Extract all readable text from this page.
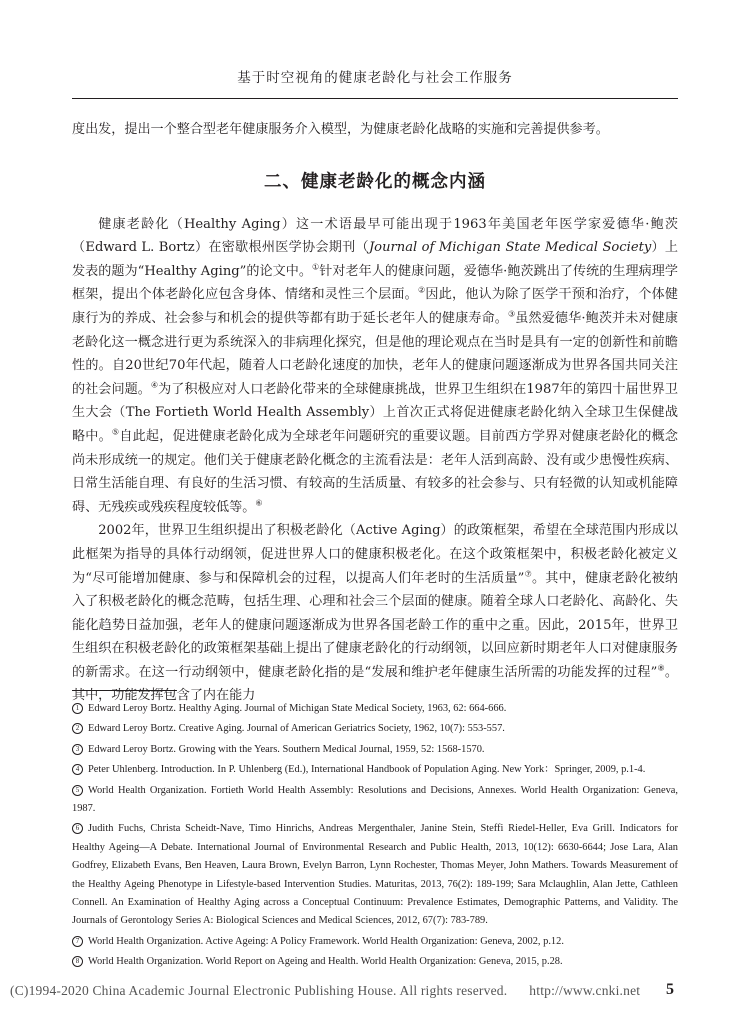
基于时空视角的健康老龄化与社会工作服务

度出发，提出一个整合型老年健康服务介入模型，为健康老龄化战略的实施和完善提供参考。

二、健康老龄化的概念内涵

健康老龄化（Healthy Aging）这一术语最早可能出现于1963年美国老年医学家爱德华·鲍茨（Edward L. Bortz）在密歇根州医学协会期刊（Journal of Michigan State Medical Society）上发表的题为“Healthy Aging”的论文中。①针对老年人的健康问题，爱德华·鲍茨跳出了传统的生理病理学框架，提出个体老龄化应包含身体、情绪和灵性三个层面。②因此，他认为除了医学干预和治疗，个体健康行为的养成、社会参与和机会的提供等都有助于延长老年人的健康寿命。③虽然爱德华·鲍茨并未对健康老龄化这一概念进行更为系统深入的非病理化探究，但是他的理论观点在当时是具有一定的创新性和前瞻性的。自20世纪70年代起，随着人口老龄化速度的加快，老年人的健康问题逐渐成为世界各国共同关注的社会问题。④为了积极应对人口老龄化带来的全球健康挑战，世界卫生组织在1987年的第四十届世界卫生大会（The Fortieth World Health Assembly）上首次正式将促进健康老龄化纳入全球卫生保健战略中。⑤自此起，促进健康老龄化成为全球老年问题研究的重要议题。目前西方学界对健康老龄化的概念尚未形成统一的规定。他们关于健康老龄化概念的主流看法是：老年人活到高龄、没有或少患慢性疾病、日常生活能自理、有良好的生活习惯、有较高的生活质量、有较多的社会参与、只有轻微的认知或机能障碍、无残疾或残疾程度较低等。⑥

2002年，世界卫生组织提出了积极老龄化（Active Aging）的政策框架，希望在全球范围内形成以此框架为指导的具体行动纲领，促进世界人口的健康积极老化。在这个政策框架中，积极老龄化被定义为“尽可能增加健康、参与和保障机会的过程，以提高人们年老时的生活质量”⑦。其中，健康老龄化被纳入了积极老龄化的概念范畴，包括生理、心理和社会三个层面的健康。随着全球人口老龄化、高龄化、失能化趋势日益加强，老年人的健康问题逐渐成为世界各国老龄工作的重中之重。因此，2015年，世界卫生组织在积极老龄化的政策框架基础上提出了健康老龄化的行动纲领，以回应新时期老年人口对健康服务的新需求。在这一行动纲领中，健康老龄化指的是“发展和维护老年健康生活所需的功能发挥的过程”⑧。其中，功能发挥包含了内在能力

1 Edward Leroy Bortz. Healthy Aging. Journal of Michigan State Medical Society, 1963, 62: 664-666.

2 Edward Leroy Bortz. Creative Aging. Journal of American Geriatrics Society, 1962, 10(7): 553-557.

3 Edward Leroy Bortz. Growing with the Years. Southern Medical Journal, 1959, 52: 1568-1570.

4 Peter Uhlenberg. Introduction. In P. Uhlenberg (Ed.), International Handbook of Population Aging. New York：Springer, 2009, p.1-4.

5 World Health Organization. Fortieth World Health Assembly: Resolutions and Decisions, Annexes. World Health Organization: Geneva, 1987.

6 Judith Fuchs, Christa Scheidt-Nave, Timo Hinrichs, Andreas Mergenthaler, Janine Stein, Steffi Riedel-Heller, Eva Grill. Indicators for Healthy Ageing—A Debate. International Journal of Environmental Research and Public Health, 2013, 10(12): 6630-6644; Jose Lara, Alan Godfrey, Elizabeth Evans, Ben Heaven, Laura Brown, Evelyn Barron, Lynn Rochester, Thomas Meyer, John Mathers. Towards Measurement of the Healthy Ageing Phenotype in Lifestyle-based Intervention Studies. Maturitas, 2013, 76(2): 189-199; Sara Mclaughlin, Alan Jette, Cathleen Connell. An Examination of Healthy Aging across a Conceptual Continuum: Prevalence Estimates, Demographic Patterns, and Validity. The Journals of Gerontology Series A: Biological Sciences and Medical Sciences, 2012, 67(7): 783-789.

7 World Health Organization. Active Ageing: A Policy Framework. World Health Organization: Geneva, 2002, p.12.

8 World Health Organization. World Report on Ageing and Health. World Health Organization: Geneva, 2015, p.28.

(C)1994-2020 China Academic Journal Electronic Publishing House. All rights reserved. http://www.cnki.net	5
